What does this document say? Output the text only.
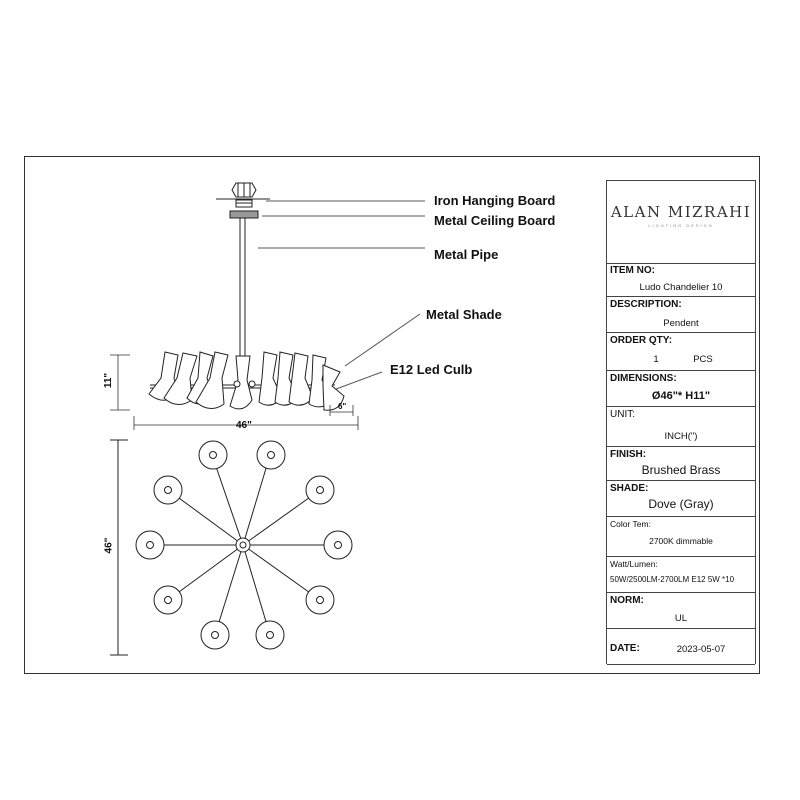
Iron Hanging Board
Metal Ceiling Board
Metal Pipe
Metal Shade
E12 Led Culb
11"
46"
6"
46"
ALAN MIZRAHI
LIGHTING DESIGN
ITEM NO:
Ludo Chandelier 10
DESCRIPTION:
Pendent
ORDER QTY:
1	PCS
DIMENSIONS:
Ø46"* H11"
UNIT:
INCH(")
FINISH:
Brushed Brass
SHADE:
Dove (Gray)
Color Tem:
2700K dimmable
Watt/Lumen:
50W/2500LM-2700LM E12 5W *10
NORM:
UL
DATE:	2023-05-07
